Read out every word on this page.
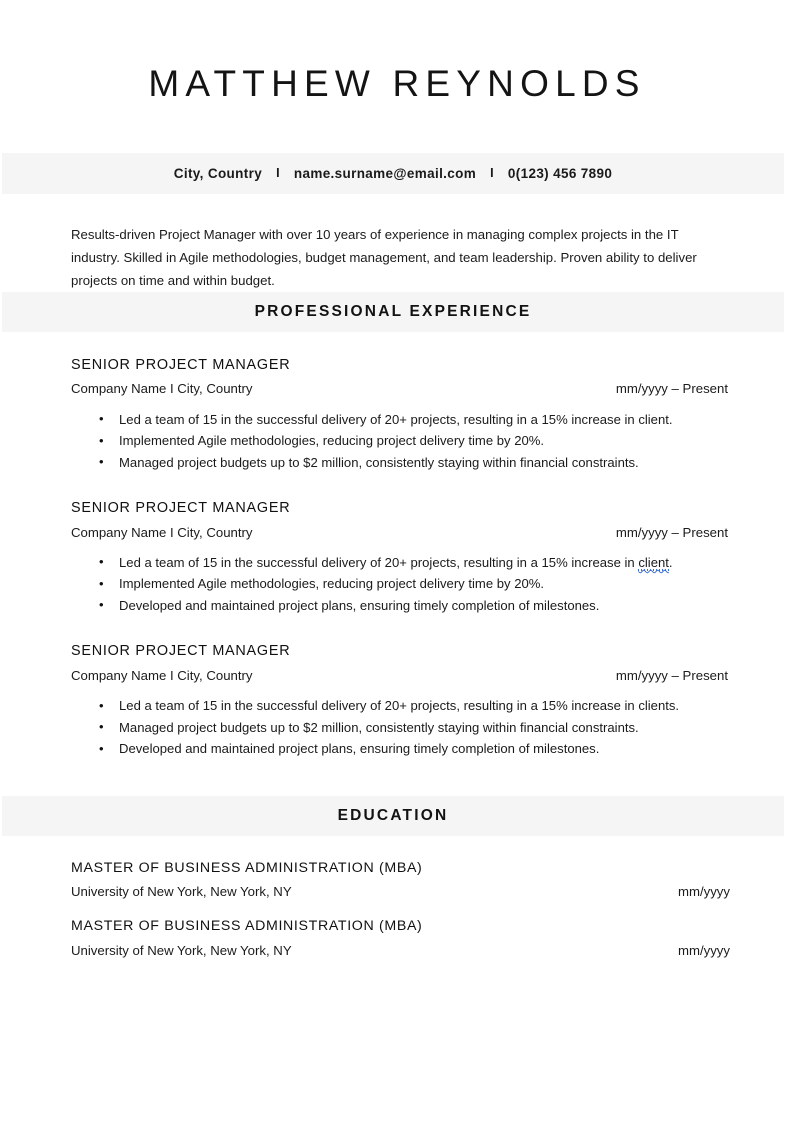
MATTHEW REYNOLDS
City, Country	I	name.surname@email.com	I	0(123) 456 7890
Results-driven Project Manager with over 10 years of experience in managing complex projects in the IT industry. Skilled in Agile methodologies, budget management, and team leadership. Proven ability to deliver projects on time and within budget.
PROFESSIONAL EXPERIENCE
SENIOR PROJECT MANAGER
Company Name I City, Country	mm/yyyy – Present
• Led a team of 15 in the successful delivery of 20+ projects, resulting in a 15% increase in client.
• Implemented Agile methodologies, reducing project delivery time by 20%.
• Managed project budgets up to $2 million, consistently staying within financial constraints.
SENIOR PROJECT MANAGER
Company Name I City, Country	mm/yyyy – Present
• Led a team of 15 in the successful delivery of 20+ projects, resulting in a 15% increase in client.
• Implemented Agile methodologies, reducing project delivery time by 20%.
• Developed and maintained project plans, ensuring timely completion of milestones.
SENIOR PROJECT MANAGER
Company Name I City, Country	mm/yyyy – Present
• Led a team of 15 in the successful delivery of 20+ projects, resulting in a 15% increase in clients.
• Managed project budgets up to $2 million, consistently staying within financial constraints.
• Developed and maintained project plans, ensuring timely completion of milestones.
EDUCATION
MASTER OF BUSINESS ADMINISTRATION (MBA)
University of New York, New York, NY	mm/yyyy
MASTER OF BUSINESS ADMINISTRATION (MBA)
University of New York, New York, NY	mm/yyyy
